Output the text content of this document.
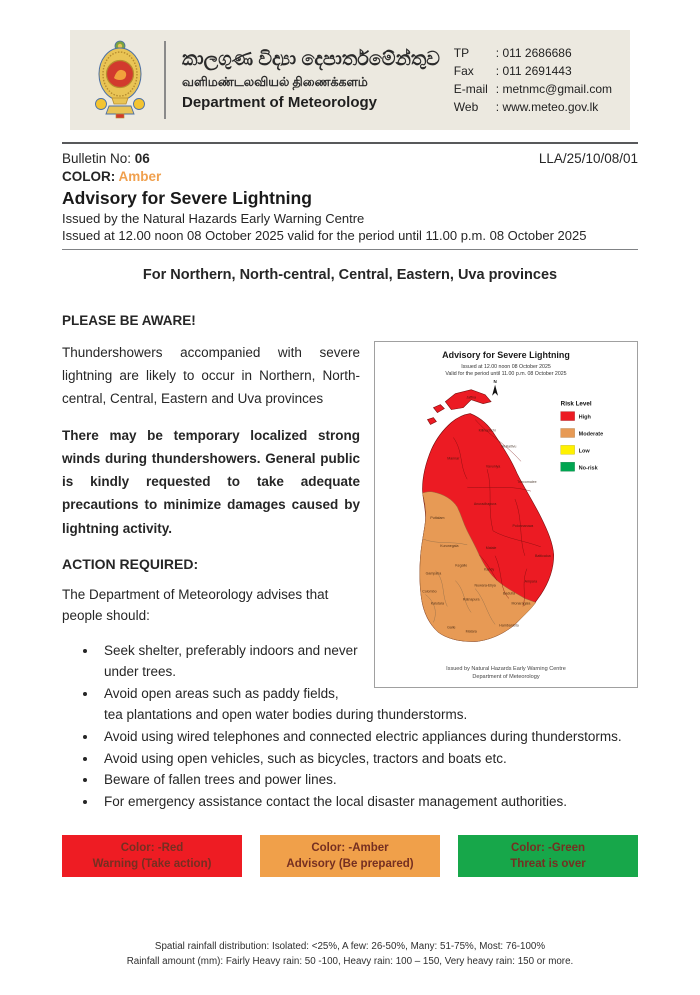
කාලගුණ විද්‍යා දෙපාර්තමේන්තුව
வளிமண்டலவியல் திணைக்களம்
Department of Meteorology
TP	: 011 2686686
Fax	: 011 2691443
E-mail : metnmc@gmail.com
Web	: www.meteo.gov.lk
Bulletin No: 06	LLA/25/10/08/01
COLOR: Amber
Advisory for Severe Lightning
Issued by the Natural Hazards Early Warning Centre
Issued at 12.00 noon 08 October 2025 valid for the period until 11.00 p.m. 08 October 2025
For Northern, North-central, Central, Eastern, Uva provinces
PLEASE BE AWARE!
Advisory for Severe Lightning
Issued at 12.00 noon 08 October 2025
Valid for the period until 11.00 p.m. 08 October 2025
N
Jaffna
Kilinochchi
Mullaitivu
Mannar
Vavuniya
Anuradhapura
Trincomalee
Polonnaruwa
Puttalam
Kurunegala	Matale
Batticaloa
Kandy
Ampara
Nuwara-Eliya
Badulla
Gampaha
Kegalle
Colombo
Ratnapura
Monaragala
Kalutara
Galle
Matara
Hambantota
Risk Level
High
Moderate
Low
No-risk
Issued by Natural Hazards Early Warning Centre
Department of Meteorology

Thundershowers accompanied with severe lightning are likely to occur in Northern, North-central, Central, Eastern and Uva provinces

There may be temporary localized strong winds during thundershowers. General public is kindly requested to take adequate precautions to minimize damages caused by lightning activity.

ACTION REQUIRED:

The Department of Meteorology advises that people should:

• Seek shelter, preferably indoors and never under trees.
• Avoid open areas such as paddy fields, tea plantations and open water bodies during thunderstorms.
• Avoid using wired telephones and connected electric appliances during thunderstorms.
• Avoid using open vehicles, such as bicycles, tractors and boats etc.
• Beware of fallen trees and power lines.
• For emergency assistance contact the local disaster management authorities.
Color: -Red
Warning (Take action)
Color: -Amber
Advisory (Be prepared)
Color: -Green
Threat is over
Spatial rainfall distribution: Isolated: <25%, A few: 26-50%, Many: 51-75%, Most: 76-100%
Rainfall amount (mm): Fairly Heavy rain: 50 -100, Heavy rain: 100 – 150, Very heavy rain: 150 or more.
